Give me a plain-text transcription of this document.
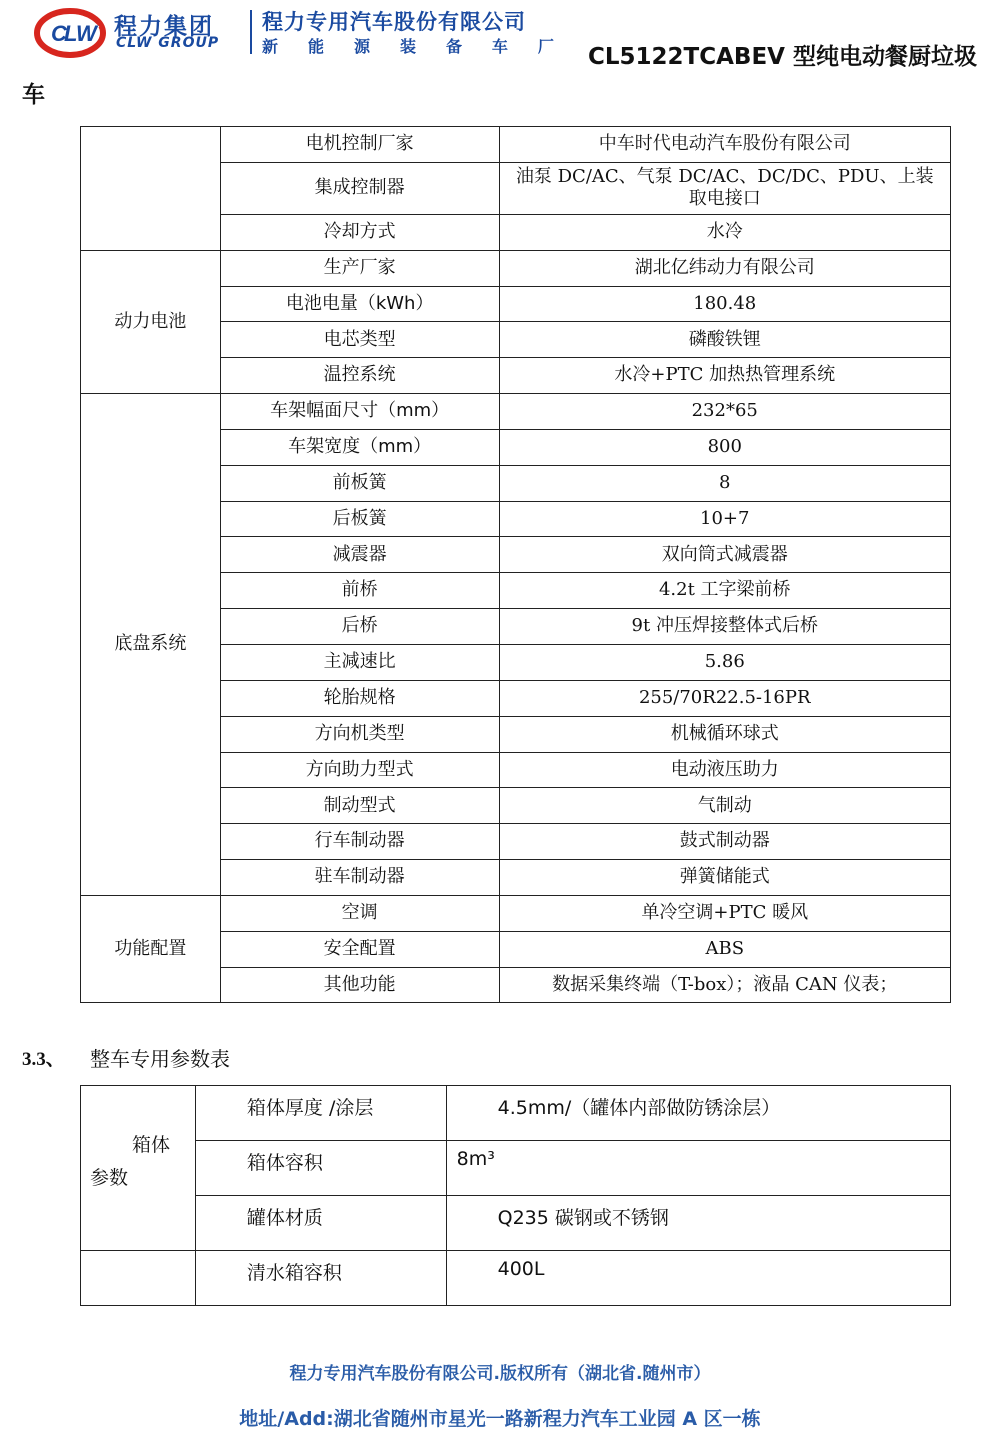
C
L
W 程力集团
CLW GROUP
程力专用汽车股份有限公司
新 能 源 装 备 车 厂 CL5122TCABEV 型纯电动餐厨垃圾
车
	电机控制厂家	中车时代电动汽车股份有限公司
	集成控制器	油泵 DC/AC、气泵 DC/AC、DC/DC、PDU、上装取电接口
	冷却方式	水冷
动力电池	生产厂家	湖北亿纬动力有限公司
	电池电量（kWh）	180.48
	电芯类型	磷酸铁锂
	温控系统	水冷+PTC 加热热管理系统
底盘系统	车架幅面尺寸（mm）	232*65
	车架宽度（mm）	800
	前板簧	8
	后板簧	10+7
	减震器	双向筒式减震器
	前桥	4.2t 工字梁前桥
	后桥	9t 冲压焊接整体式后桥
	主减速比	5.86
	轮胎规格	255/70R22.5-16PR
	方向机类型	机械循环球式
	方向助力型式	电动液压助力
	制动型式	气制动
	行车制动器	鼓式制动器
	驻车制动器	弹簧储能式
功能配置	空调	单冷空调+PTC 暖风
	安全配置	ABS
	其他功能	数据采集终端（T-box）；液晶 CAN 仪表；
3.3、 整车专用参数表
箱体
参数	箱体厚度 /涂层	4.5mm/（罐体内部做防锈涂层）
	箱体容积	8m³
	罐体材质	Q235 碳钢或不锈钢
	清水箱容积	400L
程力专用汽车股份有限公司.版权所有（湖北省.随州市）
地址/Add:湖北省随州市星光一路新程力汽车工业园 A 区一栋
